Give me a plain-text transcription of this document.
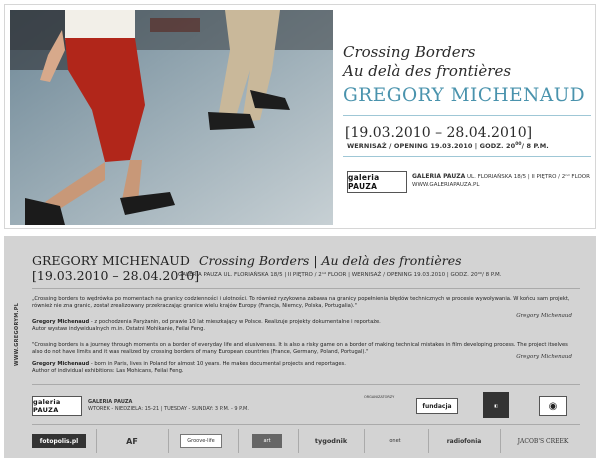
Crossing Borders
Au delà des frontières
GREGORY MICHENAUD
[19.03.2010 – 28.04.2010]
WERNISAŻ / OPENING 19.03.2010 | GODZ. $20^{00}/$ 8 P.M.
galeria PAUZA
GALERIA PAUZA UL. FLORIAŃSKA 18/5 | II PIĘTRO / 2ⁿᵈ FLOOR
WWW.GALERIAPAUZA.PL
GREGORY MICHENAUD Crossing Borders | Au delà des frontières
[19.03.2010 – 28.04.2010]
GALERIA PAUZA UL. FLORIAŃSKA 18/5 | II PIĘTRO / 2ⁿᵈ FLOOR | WERNISAŻ / OPENING 19.03.2010 | GODZ. 20⁰⁰/ 8 P.M.
WWW.GREGORYM.PL
„Crossing borders to wędrówka po momentach na granicy codzienności i ulotności. To również ryzykowna zabawa na granicy popełnienia błędów technicznych w procesie wywoływania. W końcu sam projekt, również nie zna granic, został zrealizowany przekraczając granice wielu krajów Europy (Francja, Niemcy, Polska, Portugalia)."
Gregory Michenaud
Gregory Michenaud - z pochodzenia Paryżanin, od prawie 10 lat mieszkający w Polsce. Realizuje projekty dokumentalne i reportaże.
Autor wystaw indywidualnych m.in. Ostatni Mohikanie, Feilai Feng.
"Crossing borders is a journey through moments on a border of everyday life and elusiveness. It is also a risky game on a border of making technical mistakes in film developing process. The project itselves also do not have limits and it was realized by crossing borders of many European countries (France, Germany, Poland, Portugal)."
Gregory Michenaud
Gregory Michenaud - born in Paris, lives in Poland for almost 10 years. He makes documental projects and reportages.
Author of individual exhibitions: Las Mohicans, Feilai Feng.
galeria PAUZA
GALERIA PAUZA
WTOREK - NIEDZIELA: 15-21 | TUESDAY - SUNDAY: 3 P.M. - 9 P.M.
ORGANIZATORZY
fundacja	◧	◉
fotopolis.pl	AF	Groove-life	art	tygodnik	onet	radiofonia	JACOB'S CREEK
